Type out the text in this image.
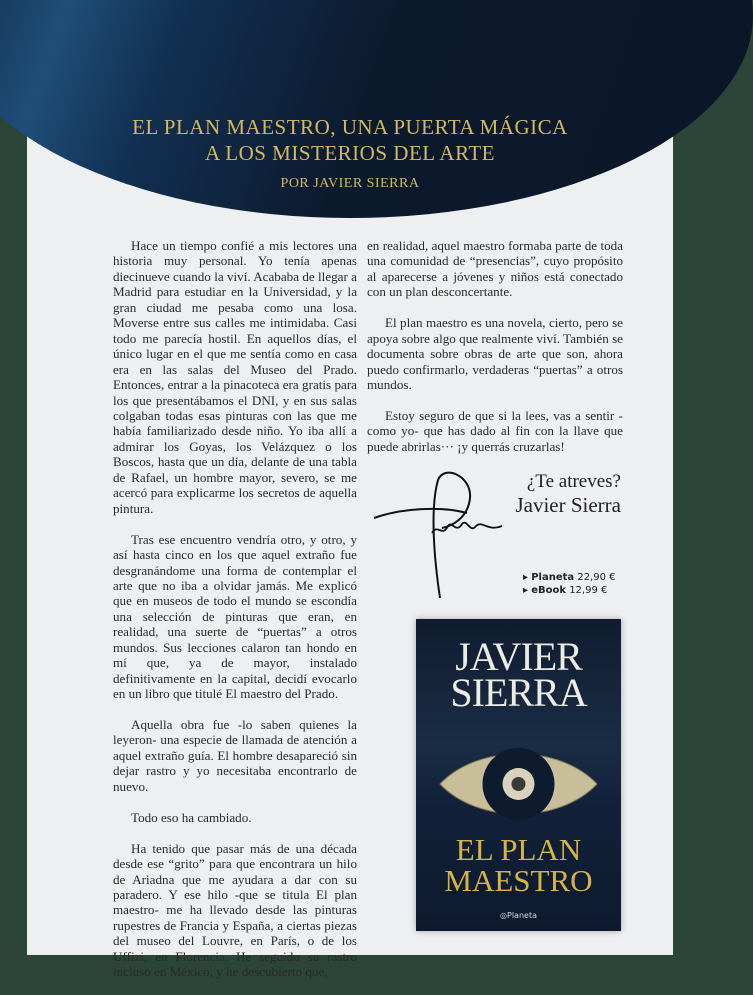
EL PLAN MAESTRO, UNA PUERTA MÁGICA
A LOS MISTERIOS DEL ARTE
POR JAVIER SIERRA

Hace un tiempo confié a mis lectores una historia muy personal. Yo tenía apenas diecinueve cuando la viví. Acababa de llegar a Madrid para estudiar en la Universidad, y la gran ciudad me pesaba como una losa. Moverse entre sus calles me intimidaba. Casi todo me parecía hostil. En aquellos días, el único lugar en el que me sentía como en casa era en las salas del Museo del Prado. Entonces, entrar a la pinacoteca era gratis para los que presentábamos el DNI, y en sus salas colgaban todas esas pinturas con las que me había familiarizado desde niño. Yo iba allí a admirar los Goyas, los Velázquez o los Boscos, hasta que un día, delante de una tabla de Rafael, un hombre mayor, severo, se me acercó para explicarme los secretos de aquella pintura.

Tras ese encuentro vendría otro, y otro, y así hasta cinco en los que aquel extraño fue desgranándome una forma de contemplar el arte que no iba a olvidar jamás. Me explicó que en museos de todo el mundo se escondía una selección de pinturas que eran, en realidad, una suerte de “puertas” a otros mundos. Sus lecciones calaron tan hondo en mí que, ya de mayor, instalado definitivamente en la capital, decidí evocarlo en un libro que titulé El maestro del Prado.

Aquella obra fue -lo saben quienes la leyeron- una especie de llamada de atención a aquel extraño guía. El hombre desapareció sin dejar rastro y yo necesitaba encontrarlo de nuevo.

Todo eso ha cambiado.

Ha tenido que pasar más de una década desde ese “grito” para que encontrara un hilo de Ariadna que me ayudara a dar con su paradero. Y ese hilo -que se titula El plan maestro- me ha llevado desde las pinturas rupestres de Francia y España, a ciertas piezas del museo del Louvre, en París, o de los Uffizi, en Florencia. He seguido su rastro incluso en México, y he descubierto que,

en realidad, aquel maestro formaba parte de toda una comunidad de “presencias”, cuyo propósito al aparecerse a jóvenes y niños está conectado con un plan desconcertante.

El plan maestro es una novela, cierto, pero se apoya sobre algo que realmente viví. También se documenta sobre obras de arte que son, ahora puedo confirmarlo, verdaderas “puertas” a otros mundos.

Estoy seguro de que si la lees, vas a sentir -como yo- que has dado al fin con la llave que puede abrirlas··· ¡y querrás cruzarlas!

¿Te atreves?
Javier Sierra
▸ Planeta 22,90 €
▸ eBook 12,99 €
JAVIER
SIERRA
EL PLAN
MAESTRO
◎Planeta
